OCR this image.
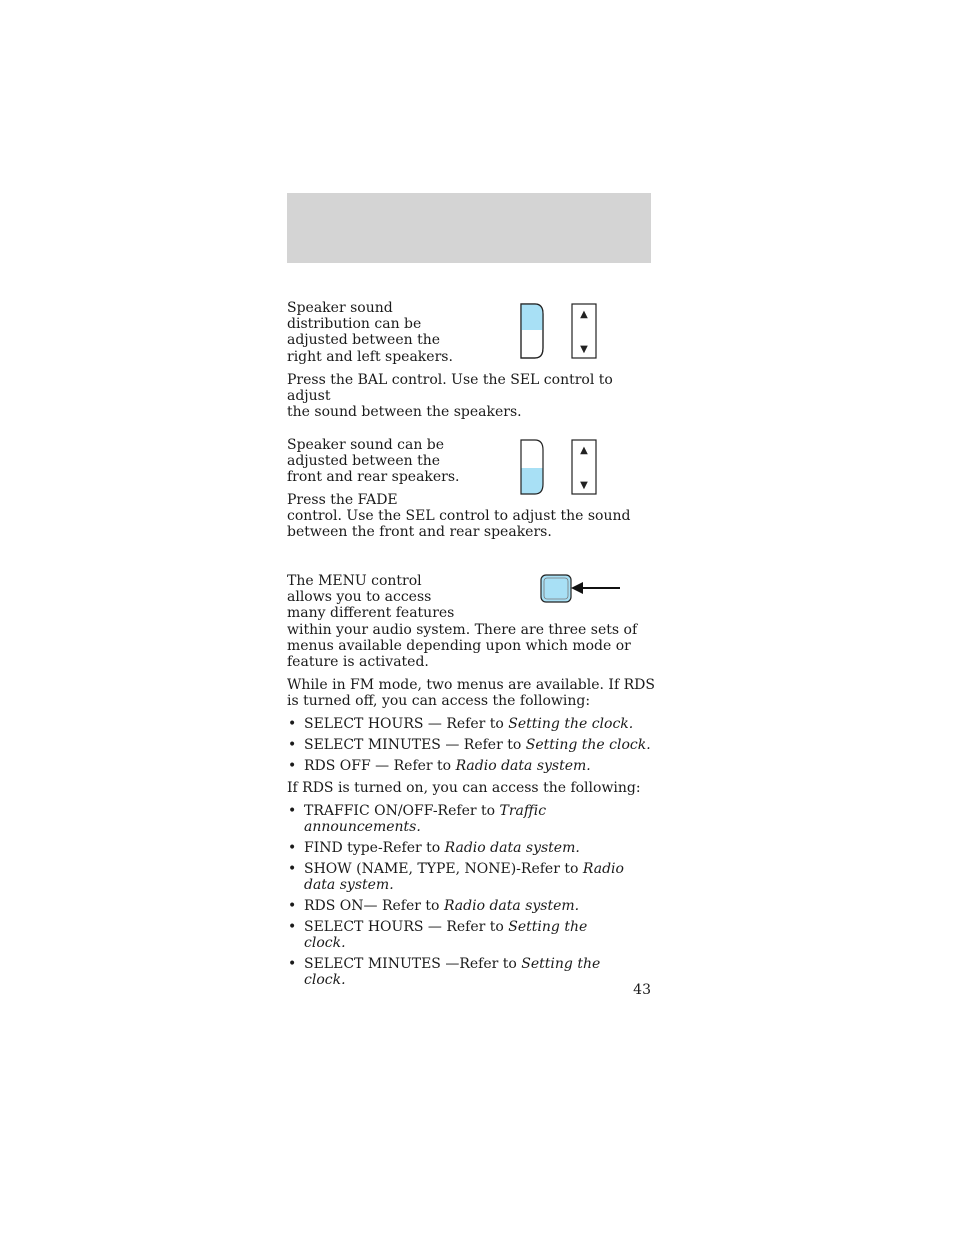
Speaker sound
distribution can be
adjusted between the
right and left speakers.

▲
▼

Press the BAL control. Use the SEL control to adjust
the sound between the speakers.

Speaker sound can be
adjusted between the
front and rear speakers.

▲
▼

Press the FADE
control. Use the SEL control to adjust the sound
between the front and rear speakers.

The MENU control
allows you to access
many different features
within your audio system. There are three sets of
menus available depending upon which mode or
feature is activated.

While in FM mode, two menus are available. If RDS
is turned off, you can access the following:

• SELECT HOURS — Refer to Setting the clock.
• SELECT MINUTES — Refer to Setting the clock.
• RDS OFF — Refer to Radio data system.

If RDS is turned on, you can access the following:

• TRAFFIC ON/OFF-Refer to Traffic announcements.
• FIND type-Refer to Radio data system.
• SHOW (NAME, TYPE, NONE)-Refer to Radio data system.
• RDS ON— Refer to Radio data system.
• SELECT HOURS — Refer to Setting the clock.
• SELECT MINUTES —Refer to Setting the clock.
43
